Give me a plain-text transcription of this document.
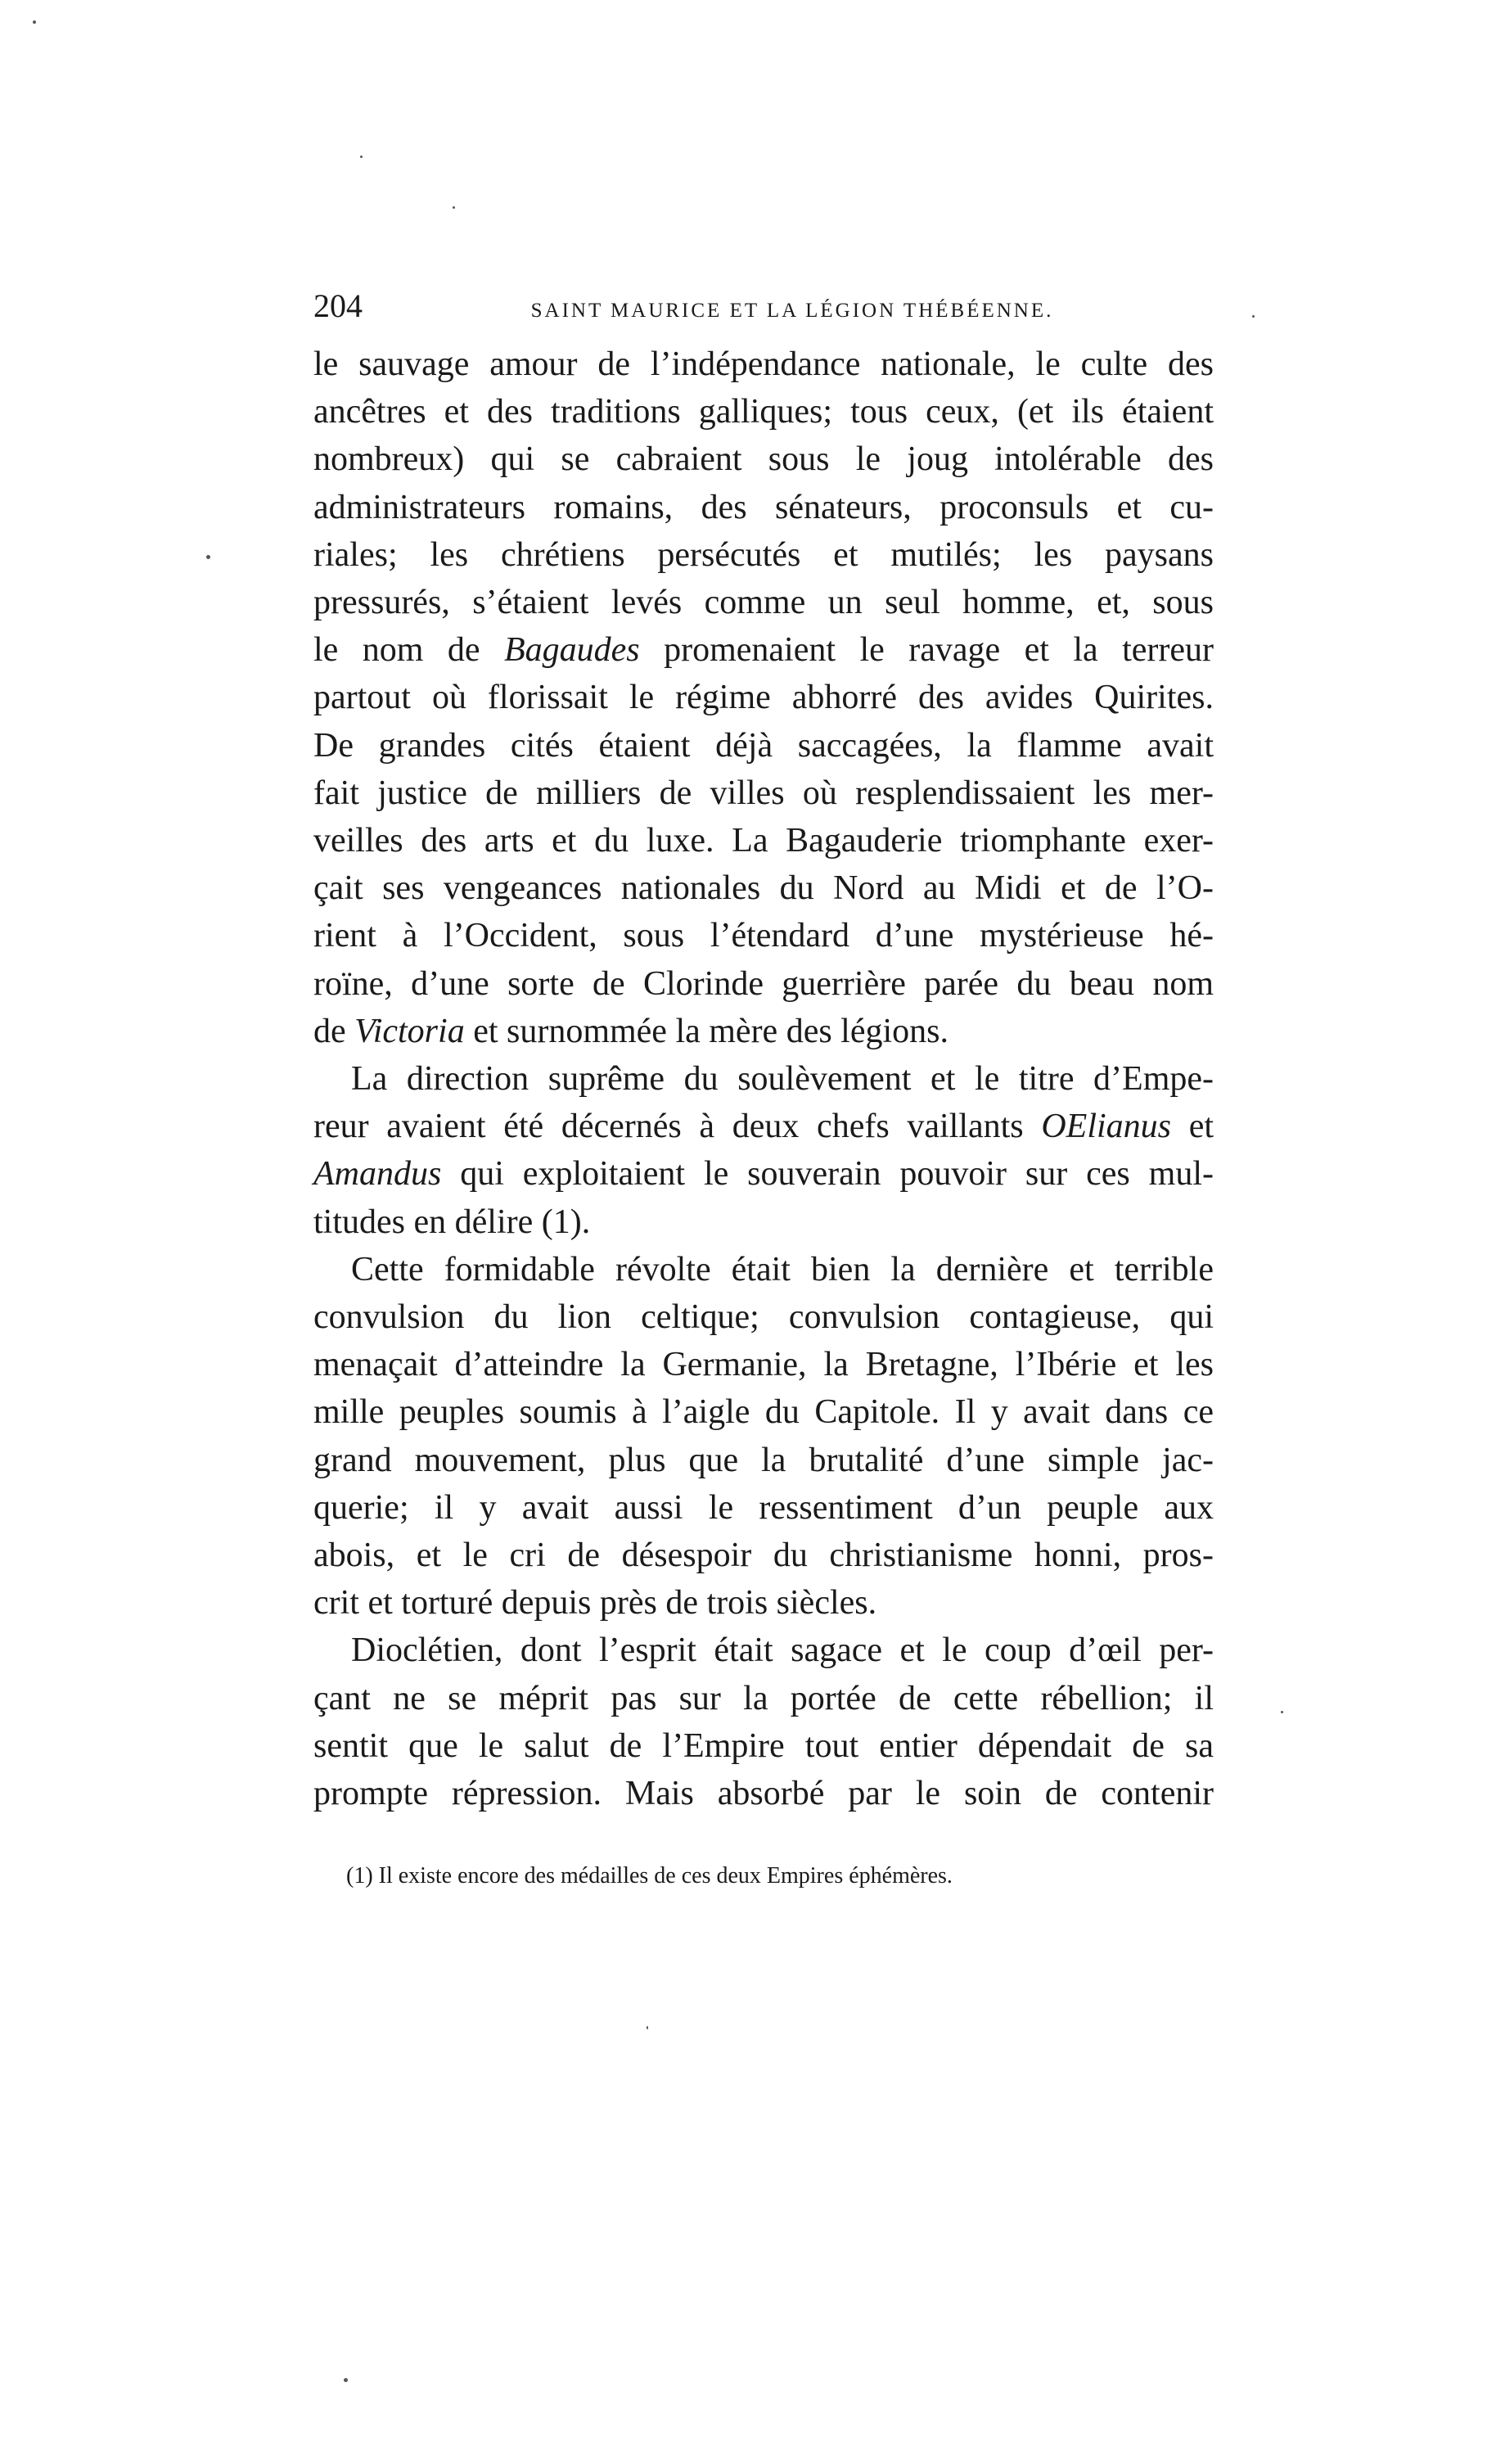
204	SAINT MAURICE ET LA LÉGION THÉBÉENNE.
le sauvage amour de l’indépendance nationale, le culte des
ancêtres et des traditions galliques; tous ceux, (et ils étaient
nombreux) qui se cabraient sous le joug intolérable des
administrateurs romains, des sénateurs, proconsuls et cu-
riales; les chrétiens persécutés et mutilés; les paysans
pressurés, s’étaient levés comme un seul homme, et, sous
le nom de Bagaudes promenaient le ravage et la terreur
partout où florissait le régime abhorré des avides Quirites.
De grandes cités étaient déjà saccagées, la flamme avait
fait justice de milliers de villes où resplendissaient les mer-
veilles des arts et du luxe. La Bagauderie triomphante exer-
çait ses vengeances nationales du Nord au Midi et de l’O-
rient à l’Occident, sous l’étendard d’une mystérieuse hé-
roïne, d’une sorte de Clorinde guerrière parée du beau nom
de Victoria et surnommée la mère des légions.
La direction suprême du soulèvement et le titre d’Empe-
reur avaient été décernés à deux chefs vaillants OElianus et
Amandus qui exploitaient le souverain pouvoir sur ces mul-
titudes en délire (1).
Cette formidable révolte était bien la dernière et terrible
convulsion du lion celtique; convulsion contagieuse, qui
menaçait d’atteindre la Germanie, la Bretagne, l’Ibérie et les
mille peuples soumis à l’aigle du Capitole. Il y avait dans ce
grand mouvement, plus que la brutalité d’une simple jac-
querie; il y avait aussi le ressentiment d’un peuple aux
abois, et le cri de désespoir du christianisme honni, pros-
crit et torturé depuis près de trois siècles.
Dioclétien, dont l’esprit était sagace et le coup d’œil per-
çant ne se méprit pas sur la portée de cette rébellion; il
sentit que le salut de l’Empire tout entier dépendait de sa
prompte répression. Mais absorbé par le soin de contenir
(1) Il existe encore des médailles de ces deux Empires éphémères.
